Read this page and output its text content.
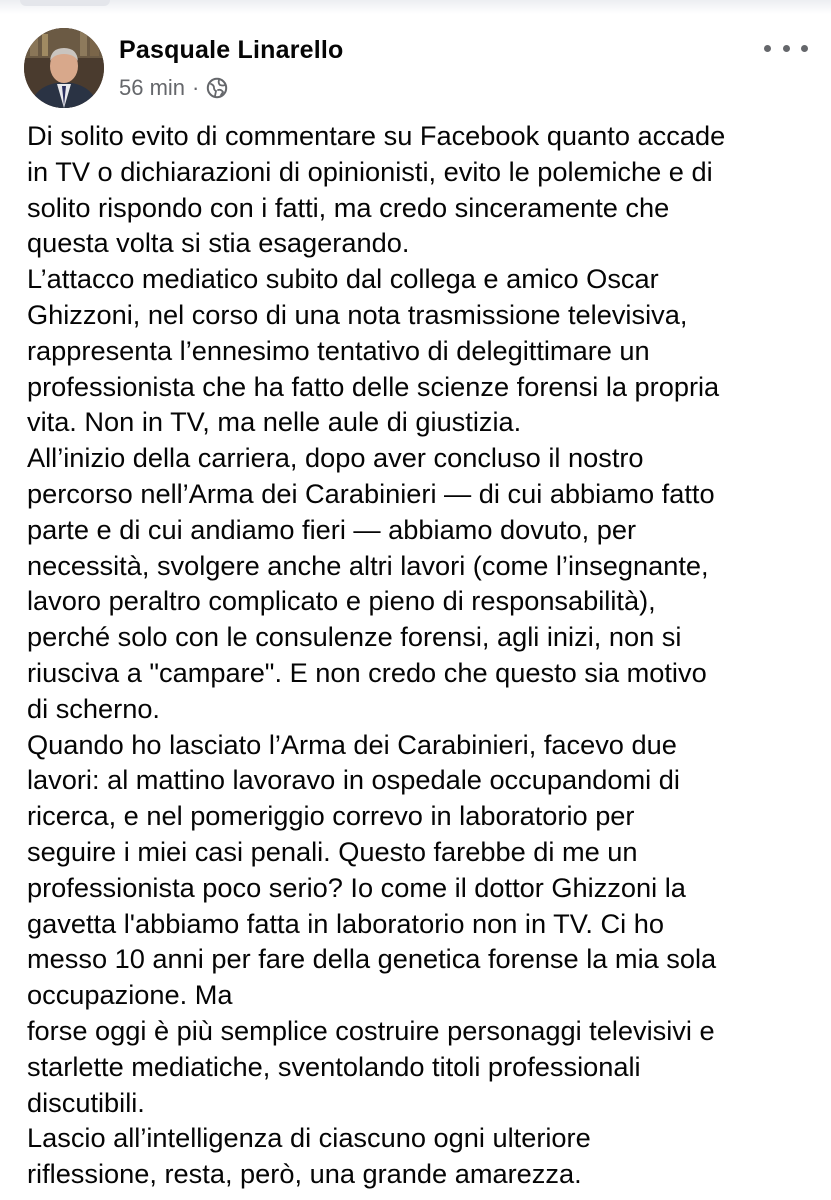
Pasquale Linarello
56 min ·
Di solito evito di commentare su Facebook quanto accade
in TV o dichiarazioni di opinionisti, evito le polemiche e di
solito rispondo con i fatti, ma credo sinceramente che
questa volta si stia esagerando.
L’attacco mediatico subito dal collega e amico Oscar
Ghizzoni, nel corso di una nota trasmissione televisiva,
rappresenta l’ennesimo tentativo di delegittimare un
professionista che ha fatto delle scienze forensi la propria
vita. Non in TV, ma nelle aule di giustizia.
All’inizio della carriera, dopo aver concluso il nostro
percorso nell’Arma dei Carabinieri — di cui abbiamo fatto
parte e di cui andiamo fieri — abbiamo dovuto, per
necessità, svolgere anche altri lavori (come l’insegnante,
lavoro peraltro complicato e pieno di responsabilità),
perché solo con le consulenze forensi, agli inizi, non si
riusciva a "campare". E non credo che questo sia motivo
di scherno.
Quando ho lasciato l’Arma dei Carabinieri, facevo due
lavori: al mattino lavoravo in ospedale occupandomi di
ricerca, e nel pomeriggio correvo in laboratorio per
seguire i miei casi penali. Questo farebbe di me un
professionista poco serio? Io come il dottor Ghizzoni la
gavetta l'abbiamo fatta in laboratorio non in TV. Ci ho
messo 10 anni per fare della genetica forense la mia sola
occupazione. Ma
forse oggi è più semplice costruire personaggi televisivi e
starlette mediatiche, sventolando titoli professionali
discutibili.
Lascio all’intelligenza di ciascuno ogni ulteriore
riflessione, resta, però, una grande amarezza.
